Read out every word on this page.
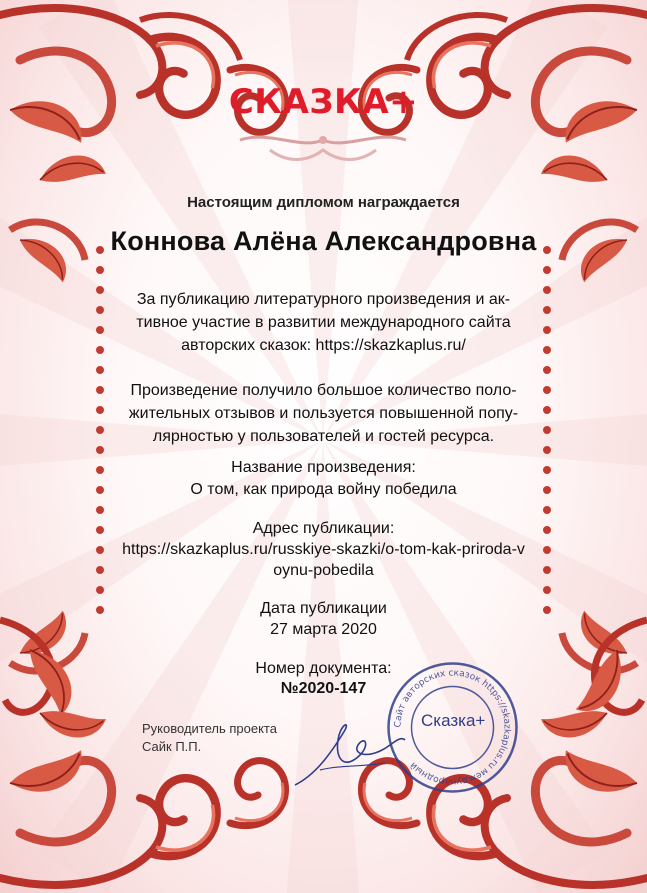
Сайт авторских сказок https://skazkaplus.ru международный
Сказка+
СКАЗКА+
Настоящим дипломом награждается
Коннова Алёна Александровна
За публикацию литературного произведения и ак-
тивное участие в развитии международного сайта
авторских сказок: https://skazkaplus.ru/
Произведение получило большое количество поло-
жительных отзывов и пользуется повышенной попу-
лярностью у пользователей и гостей ресурса.
Название произведения:
О том, как природа войну победила
Адрес публикации:
https://skazkaplus.ru/russkiye-skazki/o-tom-kak-priroda-v
oynu-pobedila
Дата публикации
27 марта 2020
Номер документа:
№2020-147
Руководитель проекта
Сайк П.П.
